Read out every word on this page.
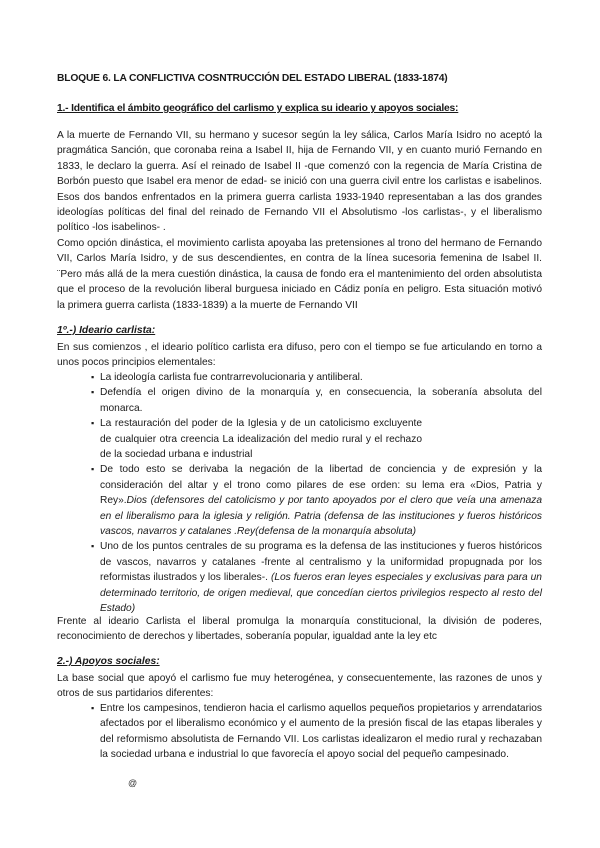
BLOQUE 6. LA CONFLICTIVA COSNTRUCCIÓN DEL ESTADO LIBERAL (1833-1874)
1.- Identifica el ámbito geográfico del carlismo y explica su ideario y apoyos sociales:

A la muerte de Fernando VII, su hermano y sucesor según la ley sálica, Carlos María Isidro no aceptó la pragmática Sanción, que coronaba reina a Isabel II, hija de Fernando VII, y en cuanto murió Fernando en 1833, le declaro la guerra. Así el reinado de Isabel II -que comenzó con la regencia de María Cristina de Borbón puesto que Isabel era menor de edad- se inició con una guerra civil entre los carlistas e isabelinos. Esos dos bandos enfrentados en la primera guerra carlista 1933-1940 representaban a las dos grandes ideologías políticas del final del reinado de Fernando VII el Absolutismo -los carlistas-, y el liberalismo político -los isabelinos- .

Como opción dinástica, el movimiento carlista apoyaba las pretensiones al trono del hermano de Fernando VII, Carlos María Isidro, y de sus descendientes, en contra de la línea sucesoria femenina de Isabel II. ¨Pero más allá de la mera cuestión dinástica, la causa de fondo era el mantenimiento del orden absolutista que el proceso de la revolución liberal burguesa iniciado en Cádiz ponía en peligro. Esta situación motivó la primera guerra carlista (1833-1839) a la muerte de Fernando VII

1º.-) Ideario carlista:

En sus comienzos , el ideario político carlista era difuso, pero con el tiempo se fue articulando en torno a unos pocos principios elementales:

▪ La ideología carlista fue contrarrevolucionaria y antiliberal.
▪ Defendía el origen divino de la monarquía y, en consecuencia, la soberanía absoluta del monarca.
▪ La restauración del poder de la Iglesia y de un catolicismo excluyente de cualquier otra creencia La idealización del medio rural y el rechazo de la sociedad urbana e industrial
▪ De todo esto se derivaba la negación de la libertad de conciencia y de expresión y la consideración del altar y el trono como pilares de ese orden: su lema era «Dios, Patria y Rey».Dios (defensores del catolicismo y por tanto apoyados por el clero que veía una amenaza en el liberalismo para la iglesia y religión. Patria (defensa de las instituciones y fueros históricos vascos, navarros y catalanes .Rey(defensa de la monarquía absoluta)
▪ Uno de los puntos centrales de su programa es la defensa de las instituciones y fueros históricos de vascos, navarros y catalanes -frente al centralismo y la uniformidad propugnada por los reformistas ilustrados y los liberales-. (Los fueros eran leyes especiales y exclusivas para para un determinado territorio, de origen medieval, que concedían ciertos privilegios respecto al resto del Estado)

Frente al ideario Carlista el liberal promulga la monarquía constitucional, la división de poderes, reconocimiento de derechos y libertades, soberanía popular, igualdad ante la ley etc

2.-) Apoyos sociales:

La base social que apoyó el carlismo fue muy heterogénea, y consecuentemente, las razones de unos y otros de sus partidarios diferentes:

▪ Entre los campesinos, tendieron hacia el carlismo aquellos pequeños propietarios y arrendatarios afectados por el liberalismo económico y el aumento de la presión fiscal de las etapas liberales y del reformismo absolutista de Fernando VII. Los carlistas idealizaron el medio rural y rechazaban la sociedad urbana e industrial lo que favorecía el apoyo social del pequeño campesinado.
@
